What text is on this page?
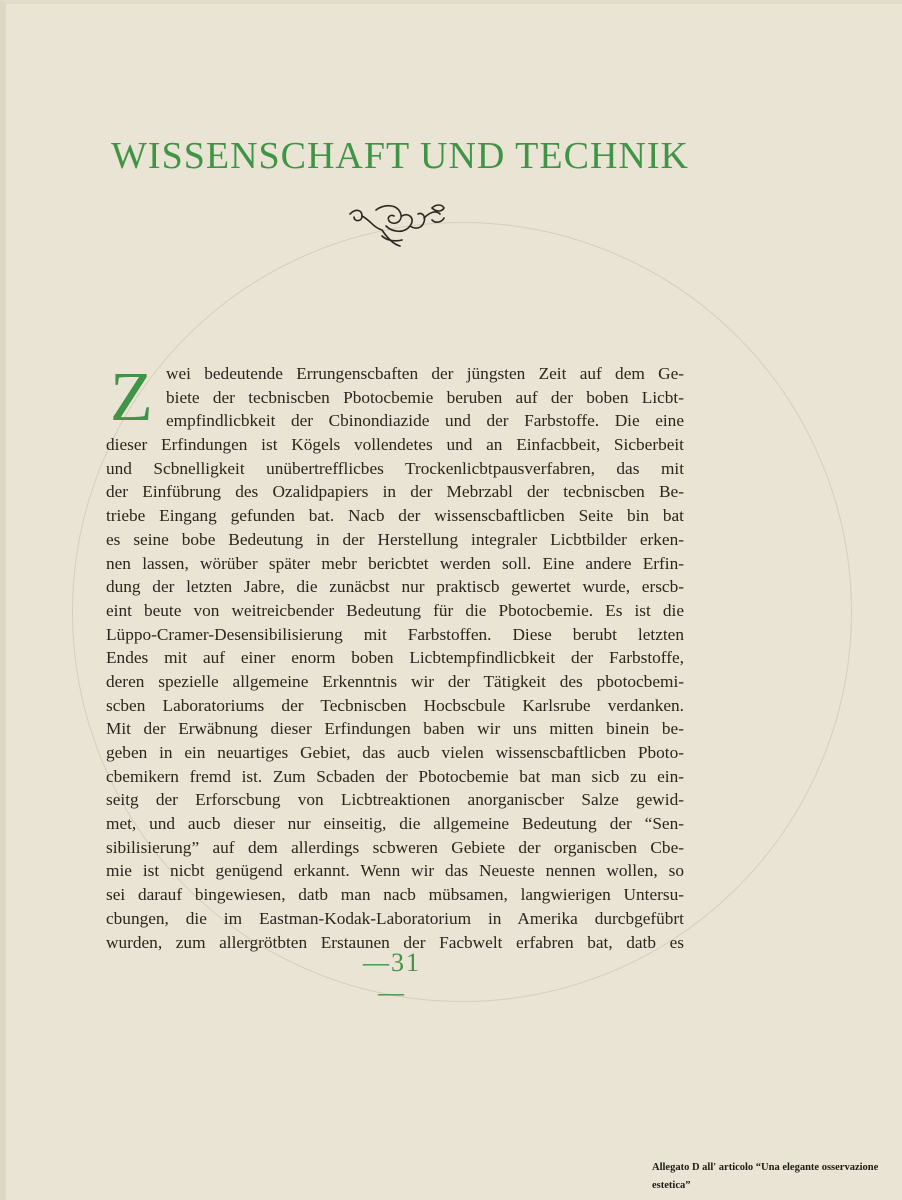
WISSENSCHAFT UND TECHNIK
Z wei bedeutende Errungenscbaften der jüngsten Zeit auf dem Ge-
biete der tecbniscben Pbotocbemie beruben auf der boben Licbt-
empfindlicbkeit der Cbinondiazide und der Farbstoffe. Die eine
dieser Erfindungen ist Kögels vollendetes und an Einfacbbeit, Sicberbeit
und Scbnelligkeit unübertrefflicbes Trockenlicbtpausverfabren, das mit
der Einfübrung des Ozalidpapiers in der Mebrzabl der tecbniscben Be-
triebe Eingang gefunden bat. Nacb der wissenscbaftlicben Seite bin bat
es seine bobe Bedeutung in der Herstellung integraler Licbtbilder erken-
nen lassen, wörüber später mebr bericbtet werden soll. Eine andere Erfin-
dung der letzten Jabre, die zunäcbst nur praktiscb gewertet wurde, erscb-
eint beute von weitreicbender Bedeutung für die Pbotocbemie. Es ist die
Lüppo-Cramer-Desensibilisierung mit Farbstoffen. Diese berubt letzten
Endes mit auf einer enorm boben Licbtempfindlicbkeit der Farbstoffe,
deren spezielle allgemeine Erkenntnis wir der Tätigkeit des pbotocbemi-
scben Laboratoriums der Tecbniscben Hocbscbule Karlsrube verdanken.
Mit der Erwäbnung dieser Erfindungen baben wir uns mitten binein be-
geben in ein neuartiges Gebiet, das aucb vielen wissenscbaftlicben Pboto-
cbemikern fremd ist. Zum Scbaden der Pbotocbemie bat man sicb zu ein-
seitg der Erforscbung von Licbtreaktionen anorganiscber Salze gewid-
met, und aucb dieser nur einseitig, die allgemeine Bedeutung der “Sen-
sibilisierung” auf dem allerdings scbweren Gebiete der organiscben Cbe-
mie ist nicbt genügend erkannt. Wenn wir das Neueste nennen wollen, so
sei darauf bingewiesen, datb man nacb mübsamen, langwierigen Untersu-
cbungen, die im Eastman-Kodak-Laboratorium in Amerika durcbgefübrt
wurden, zum allergrötbten Erstaunen der Facbwelt erfabren bat, datb es
—31—
Allegato D all' articolo “Una elegante osservazione estetica”
